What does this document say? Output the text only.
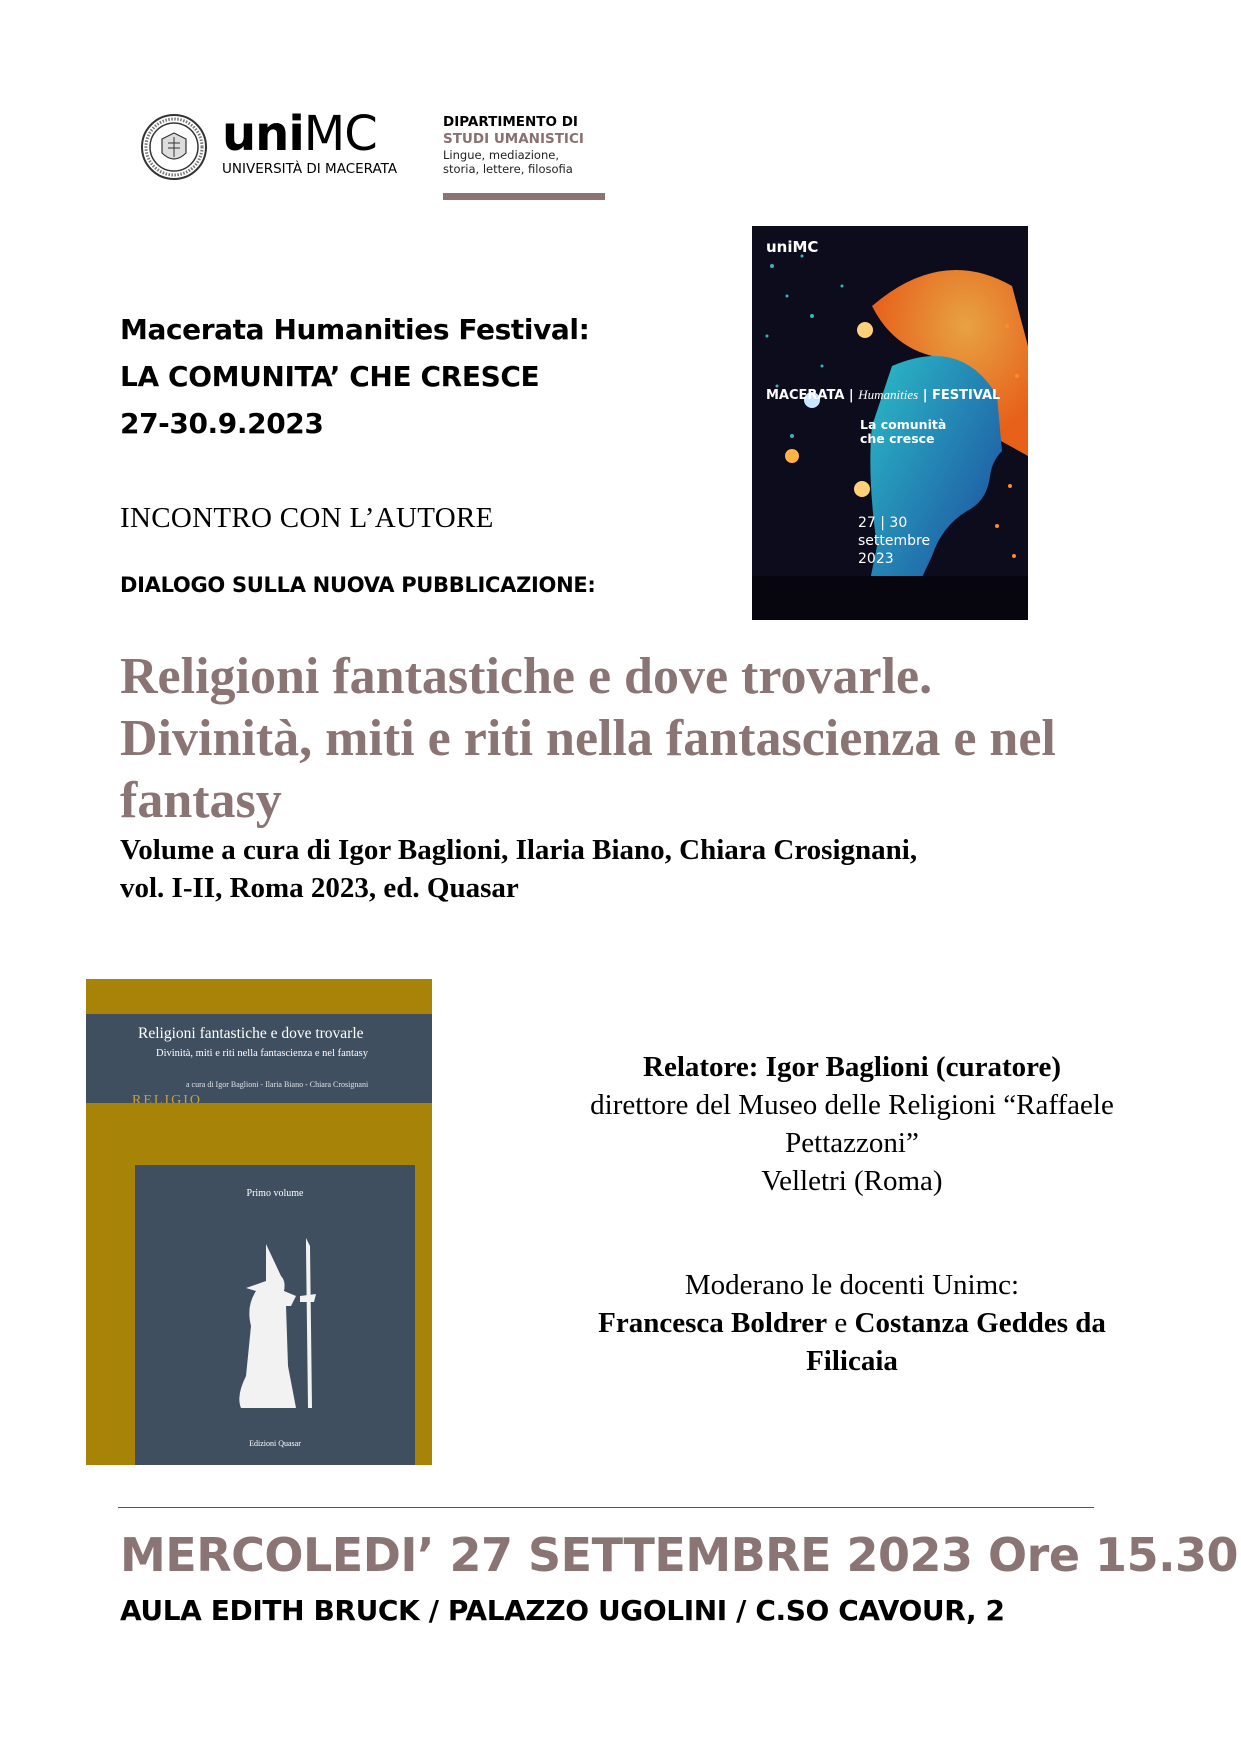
uniMC
UNIVERSITÀ DI MACERATA
DIPARTIMENTO DI
STUDI UMANISTICI
Lingue, mediazione,
storia, lettere, filosofia
Macerata Humanities Festival:
LA COMUNITA’ CHE CRESCE
27-30.9.2023
INCONTRO CON L’AUTORE
DIALOGO SULLA NUOVA PUBBLICAZIONE:
uniMC
MACERATA | Humanities | FESTIVAL
La comunità
che cresce
27 | 30
settembre
2023
Religioni fantastiche e dove trovarle.
Divinità, miti e riti nella fantascienza e nel
fantasy
Volume a cura di Igor Baglioni, Ilaria Biano, Chiara Crosignani,
vol. I-II, Roma 2023, ed. Quasar
Religioni fantastiche e dove trovarle
Divinità, miti e riti nella fantascienza e nel fantasy
a cura di Igor Baglioni - Ilaria Biano - Chiara Crosignani
RELIGIO
Primo volume
Edizioni Quasar
Relatore: Igor Baglioni (curatore)
direttore del Museo delle Religioni “Raffaele
Pettazzoni”
Velletri (Roma)
Moderano le docenti Unimc:
Francesca Boldrer e Costanza Geddes da
Filicaia
MERCOLEDI’ 27 SETTEMBRE 2023 Ore 15.30
AULA EDITH BRUCK / PALAZZO UGOLINI / C.SO CAVOUR, 2
